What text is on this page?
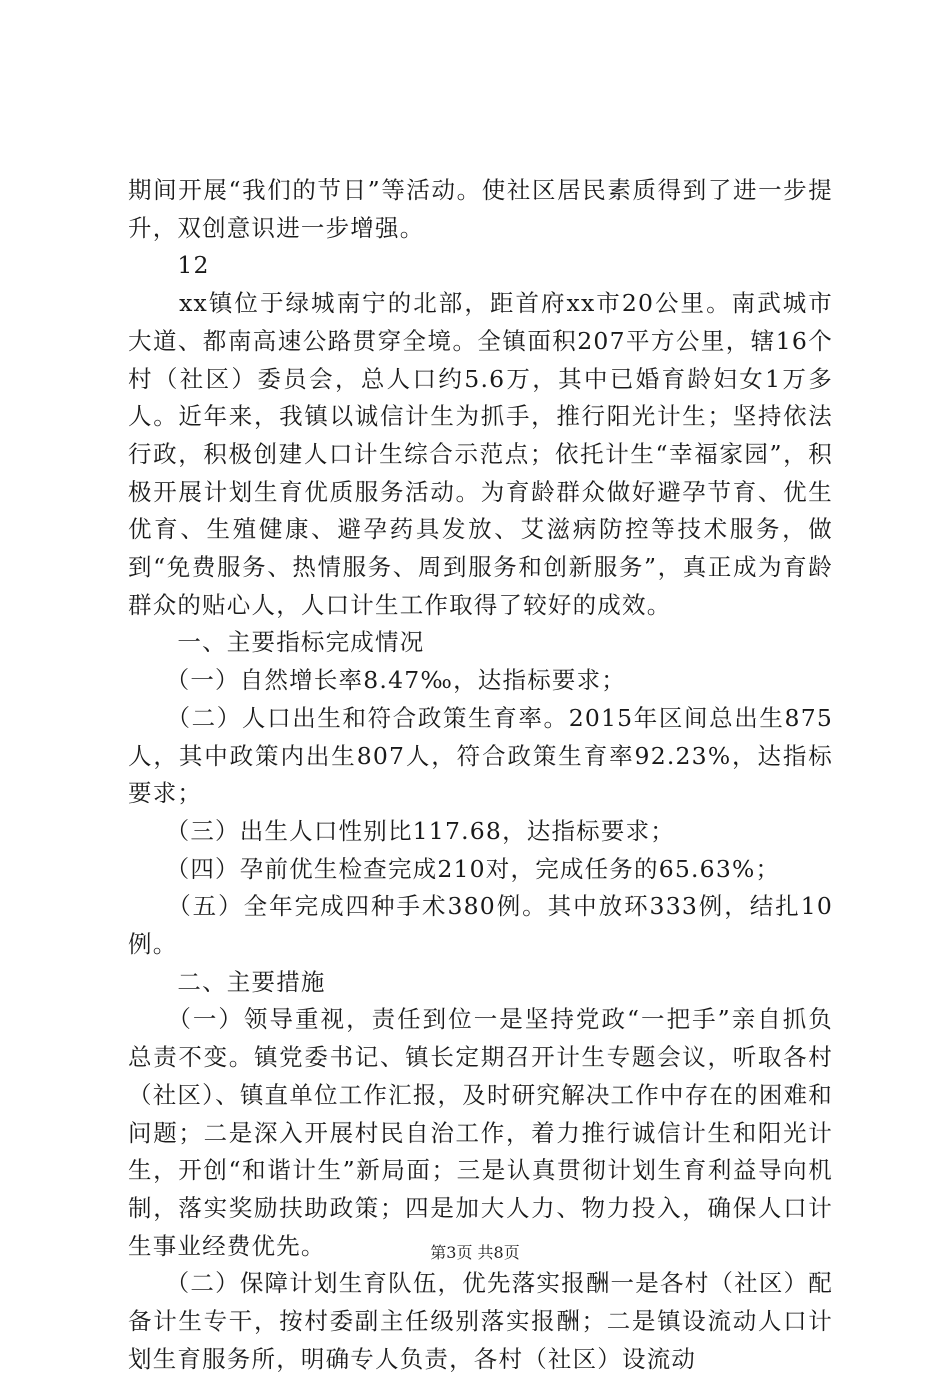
期间开展“我们的节日”等活动。使社区居民素质得到了进一步提升，双创意识进一步增强。

　　12

　　xx镇位于绿城南宁的北部，距首府xx市20公里。南武城市大道、都南高速公路贯穿全境。全镇面积207平方公里，辖16个村（社区）委员会，总人口约5.6万，其中已婚育龄妇女1万多人。近年来，我镇以诚信计生为抓手，推行阳光计生；坚持依法行政，积极创建人口计生综合示范点；依托计生“幸福家园”，积极开展计划生育优质服务活动。为育龄群众做好避孕节育、优生优育、生殖健康、避孕药具发放、艾滋病防控等技术服务，做到“免费服务、热情服务、周到服务和创新服务”，真正成为育龄群众的贴心人，人口计生工作取得了较好的成效。

　　一、主要指标完成情况

　　（一）自然增长率8.47‰，达指标要求；

　　（二）人口出生和符合政策生育率。2015年区间总出生875人，其中政策内出生807人，符合政策生育率92.23%，达指标要求；

　　（三）出生人口性别比117.68，达指标要求；

　　（四）孕前优生检查完成210对，完成任务的65.63%；

　　（五）全年完成四种手术380例。其中放环333例，结扎10例。

　　二、主要措施

　　（一）领导重视，责任到位一是坚持党政“一把手”亲自抓负总责不变。镇党委书记、镇长定期召开计生专题会议，听取各村（社区）、镇直单位工作汇报，及时研究解决工作中存在的困难和问题；二是深入开展村民自治工作，着力推行诚信计生和阳光计生，开创“和谐计生”新局面；三是认真贯彻计划生育利益导向机制，落实奖励扶助政策；四是加大人力、物力投入，确保人口计生事业经费优先。

　　（二）保障计划生育队伍，优先落实报酬一是各村（社区）配备计生专干，按村委副主任级别落实报酬；二是镇设流动人口计划生育服务所，明确专人负责，各村（社区）设流动

第3页 共8页
